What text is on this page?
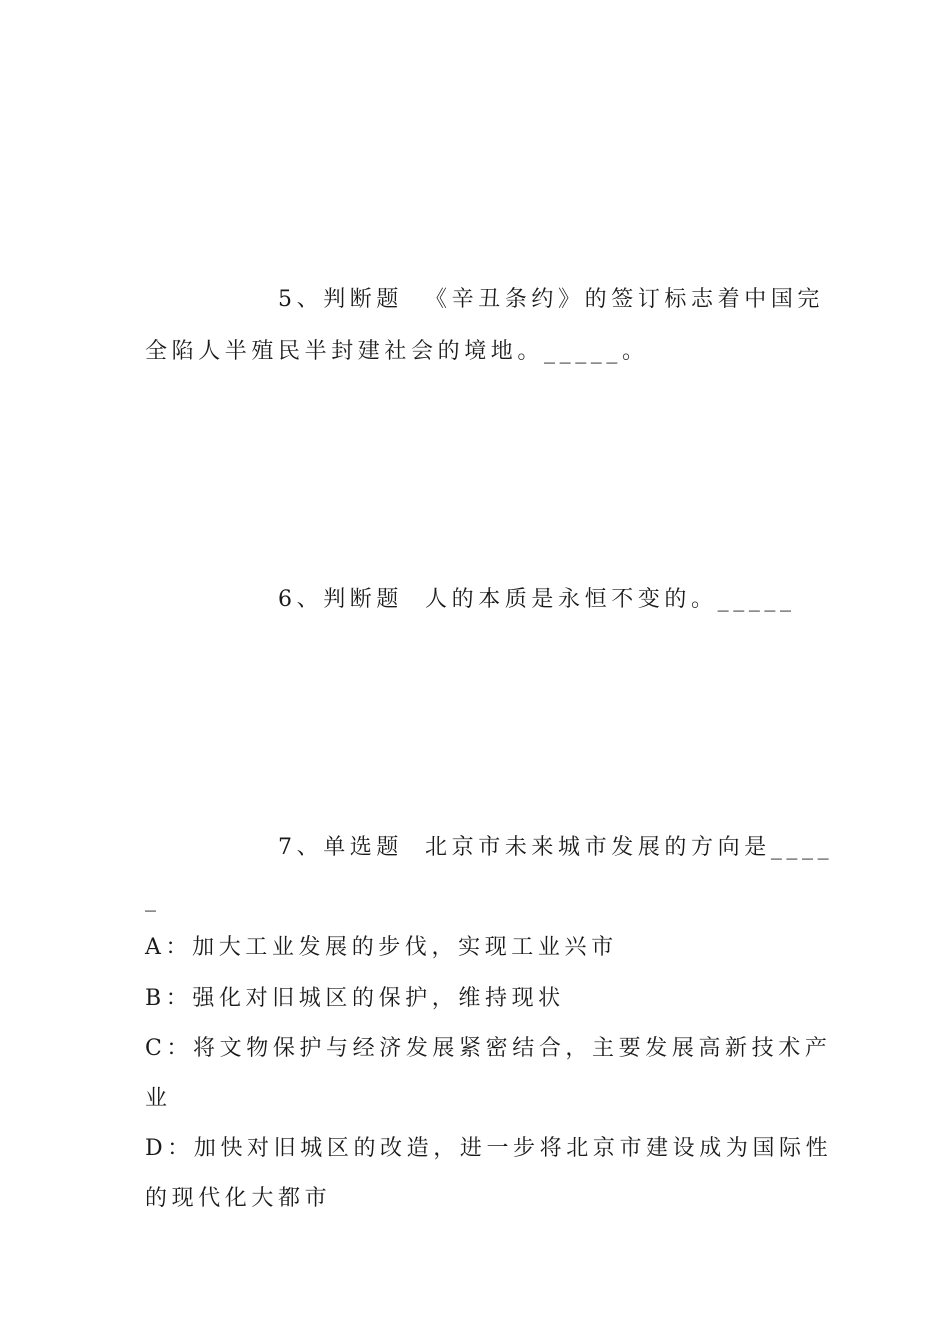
5、判断题 《辛丑条约》的签订标志着中国完

全陷人半殖民半封建社会的境地。_____。

6、判断题 人的本质是永恒不变的。_____

7、单选题 北京市未来城市发展的方向是____

_

A：加大工业发展的步伐，实现工业兴市

B：强化对旧城区的保护，维持现状

C：将文物保护与经济发展紧密结合，主要发展高新技术产

业

D：加快对旧城区的改造，进一步将北京市建设成为国际性

的现代化大都市
